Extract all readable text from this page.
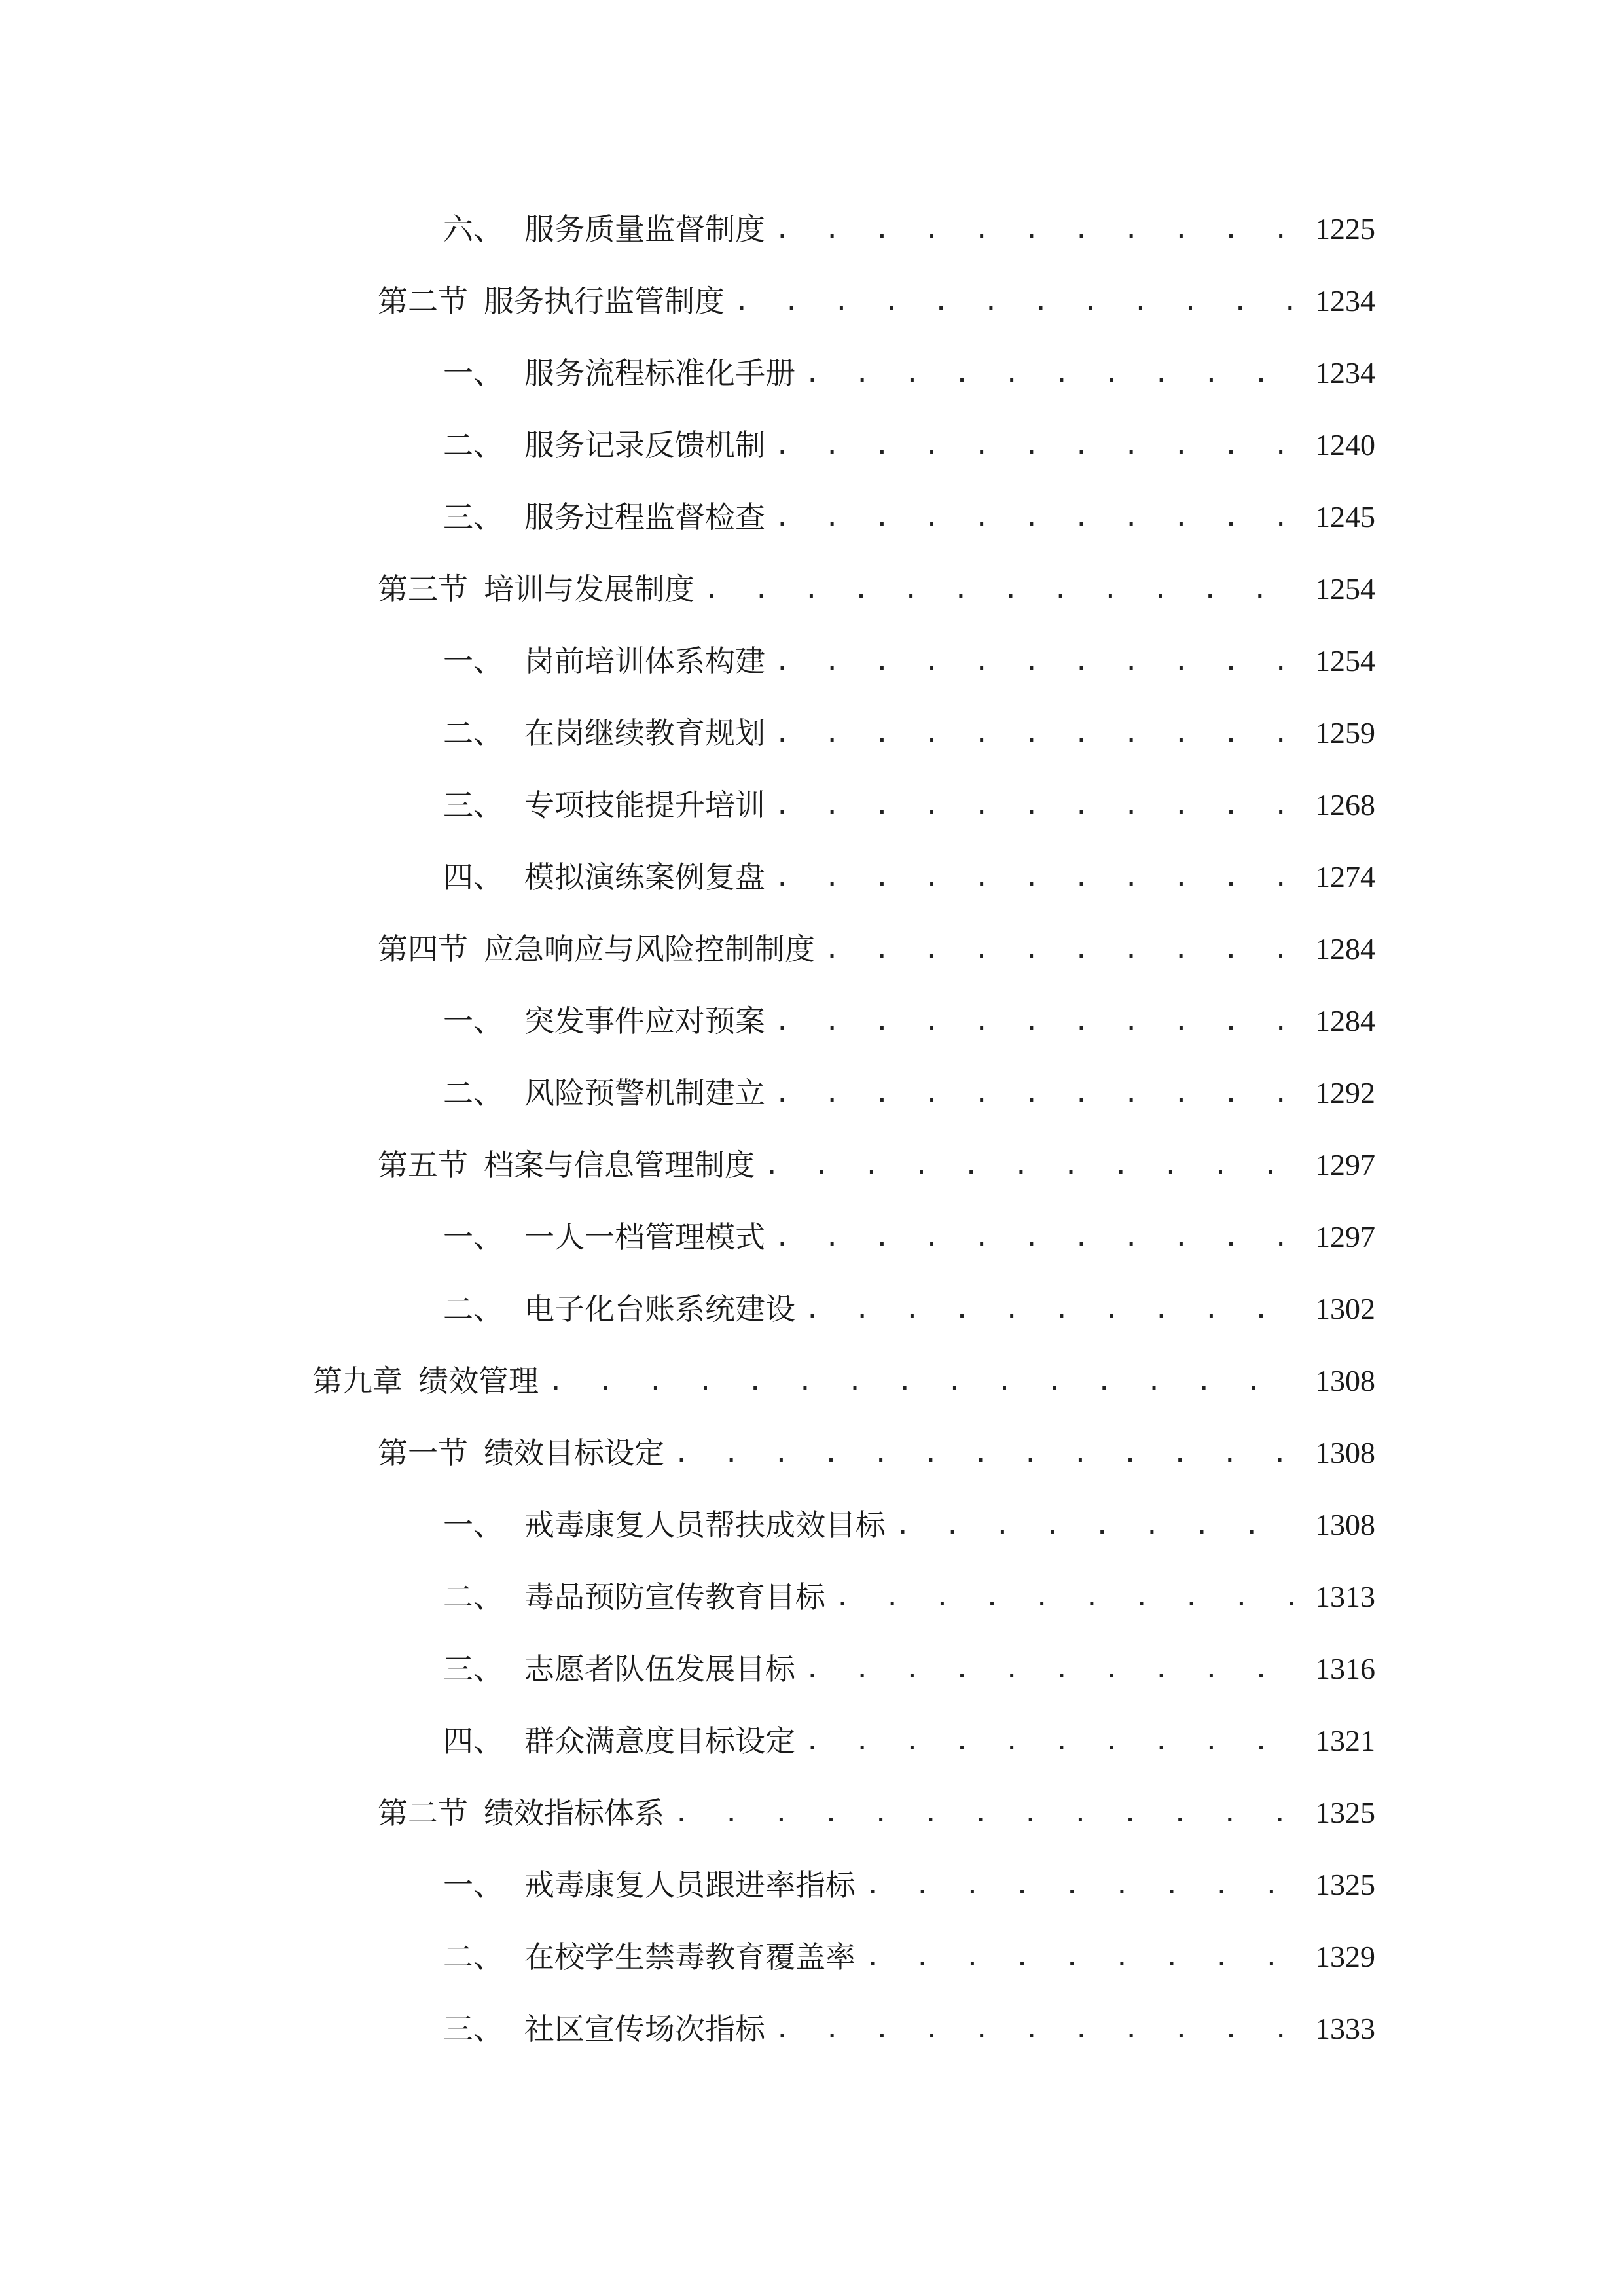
六、 服务质量监督制度 . . .	1225
第二节 服务执行监管制度 . . .	1234
一、 服务流程标准化手册 . . .	1234
二、 服务记录反馈机制 . . .	1240
三、 服务过程监督检查 . . .	1245
第三节 培训与发展制度 . . .	1254
一、 岗前培训体系构建 . . .	1254
二、 在岗继续教育规划 . . .	1259
三、 专项技能提升培训 . . .	1268
四、 模拟演练案例复盘 . . .	1274
第四节 应急响应与风险控制制度 . . .	1284
一、 突发事件应对预案 . . .	1284
二、 风险预警机制建立 . . .	1292
第五节 档案与信息管理制度 . . .	1297
一、 一人一档管理模式 . . .	1297
二、 电子化台账系统建设 . . .	1302
第九章 绩效管理 . . .	1308
第一节 绩效目标设定 . . .	1308
一、 戒毒康复人员帮扶成效目标 . . .	1308
二、 毒品预防宣传教育目标 . . .	1313
三、 志愿者队伍发展目标 . . .	1316
四、 群众满意度目标设定 . . .	1321
第二节 绩效指标体系 . . .	1325
一、 戒毒康复人员跟进率指标 . . .	1325
二、 在校学生禁毒教育覆盖率 . . .	1329
三、 社区宣传场次指标 . . .	1333
